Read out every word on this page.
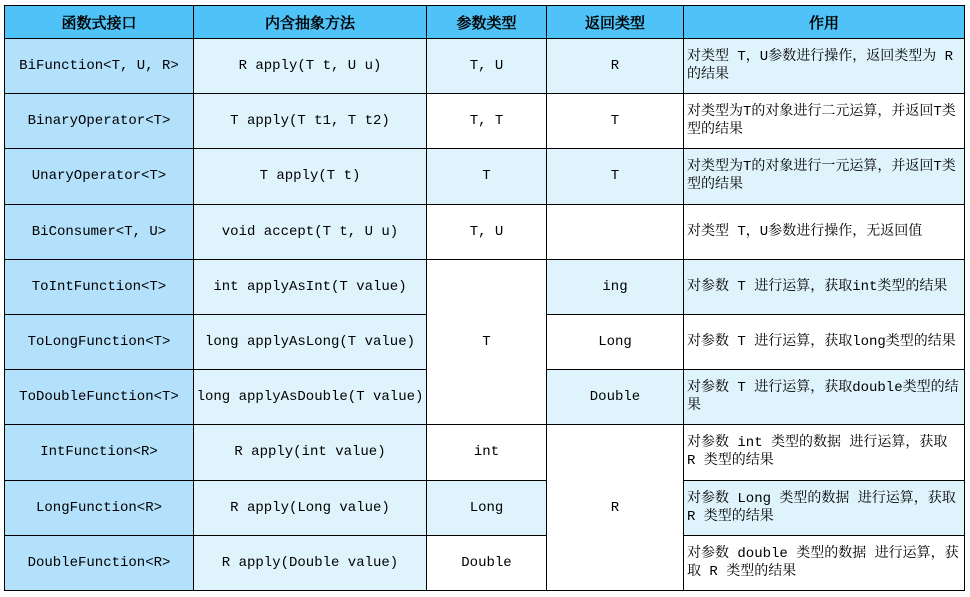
函数式接口	内含抽象方法	参数类型	返回类型	作用
BiFunction<T, U, R>	R apply(T t, U u)	T, U	R	对类型 T，U参数进行操作，返回类型为 R 的结果
BinaryOperator<T>	T apply(T t1, T t2)	T, T	T	对类型为T的对象进行二元运算，并返回T类型的结果
UnaryOperator<T>	T apply(T t)	T	T	对类型为T的对象进行一元运算，并返回T类型的结果
BiConsumer<T, U>	void accept(T t, U u)	T, U		对类型 T，U参数进行操作，无返回值
ToIntFunction<T>	int applyAsInt(T value)	T	ing	对参数 T 进行运算，获取int类型的结果
ToLongFunction<T>	long applyAsLong(T value)		Long	对参数 T 进行运算，获取long类型的结果
ToDoubleFunction<T>	long applyAsDouble(T value)		Double	对参数 T 进行运算，获取double类型的结果
IntFunction<R>	R apply(int value)	int	R	对参数 int 类型的数据 进行运算，获取 R 类型的结果
LongFunction<R>	R apply(Long value)	Long		对参数 Long 类型的数据 进行运算，获取 R 类型的结果
DoubleFunction<R>	R apply(Double value)	Double		对参数 double 类型的数据 进行运算，获取 R 类型的结果
